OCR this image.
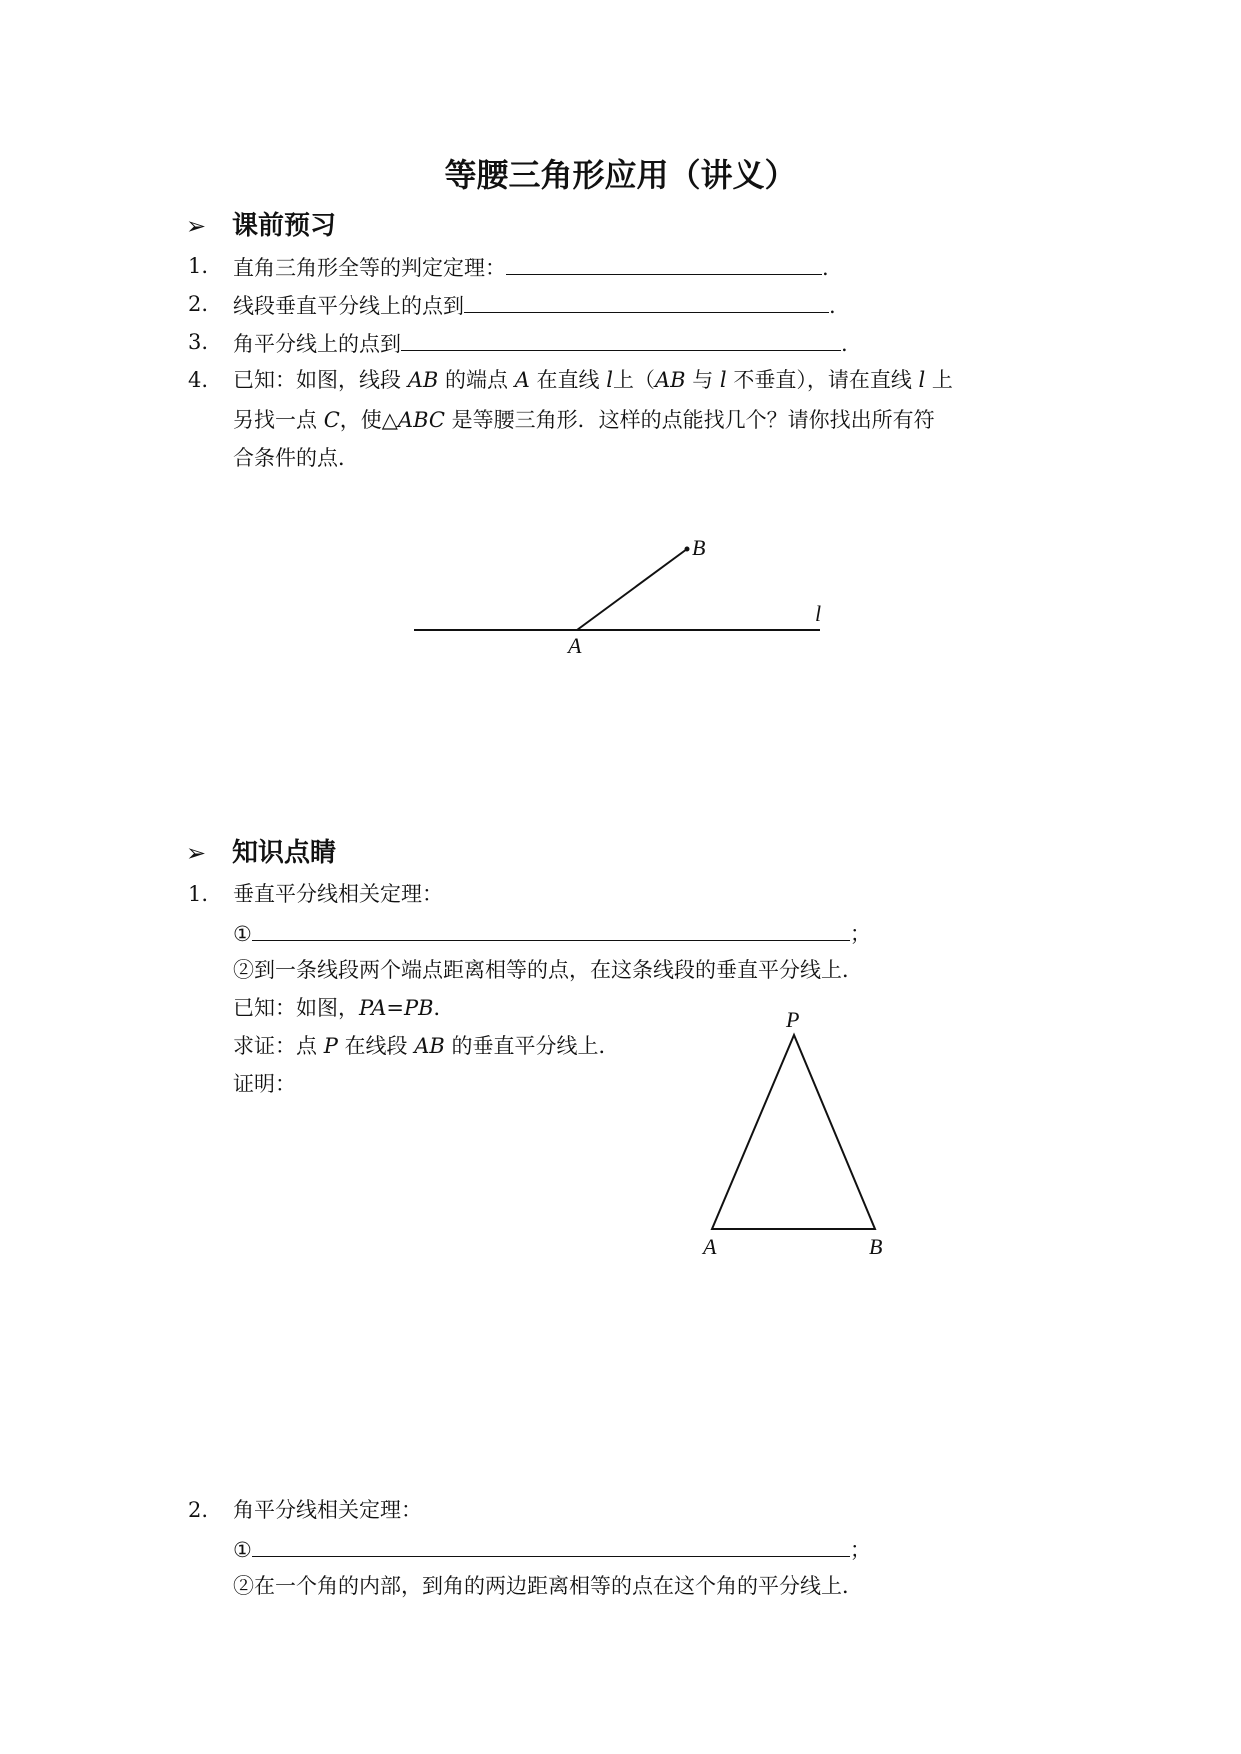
等腰三角形应用（讲义）
➢ 课前预习
1. 直角三角形全等的判定定理：	.
2. 线段垂直平分线上的点到	.
3. 角平分线上的点到	.
4. 已知：如图，线段 AB 的端点 A 在直线 l上（AB 与 l 不垂直），请在直线 l 上
另找一点 C，使△ABC 是等腰三角形．这样的点能找几个？请你找出所有符
合条件的点．
B
A
l
➢ 知识点睛
1. 垂直平分线相关定理：
①	；
②到一条线段两个端点距离相等的点，在这条线段的垂直平分线上．
已知：如图，PA=PB．
求证：点 P 在线段 AB 的垂直平分线上．
证明：
P
A	B
2. 角平分线相关定理：
①	；
②在一个角的内部，到角的两边距离相等的点在这个角的平分线上．
